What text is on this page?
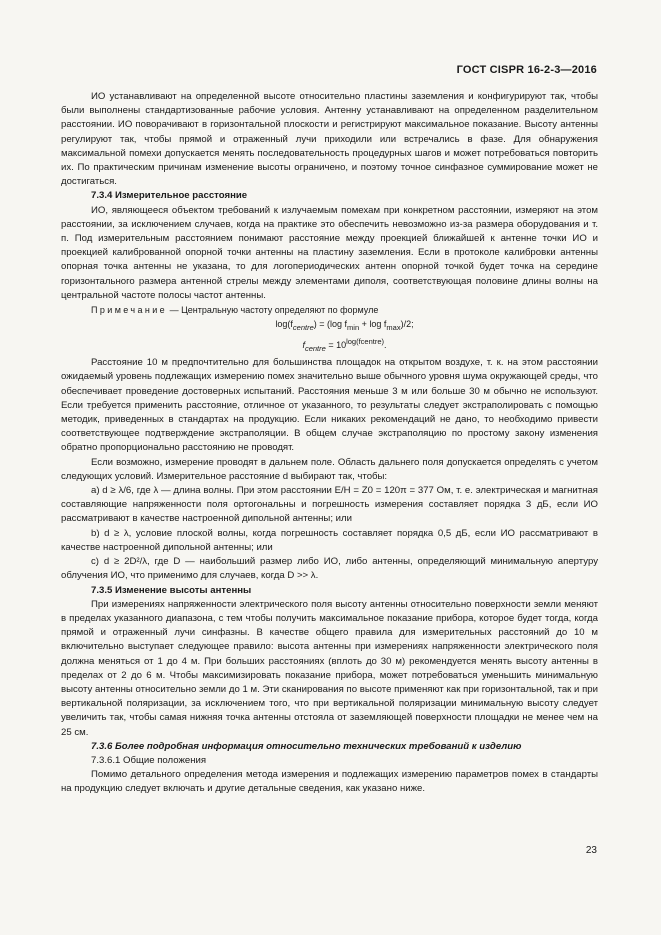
ГОСТ CISPR 16-2-3—2016

ИО устанавливают на определенной высоте относительно пластины заземления и конфигурируют так, чтобы были выполнены стандартизованные рабочие условия. Антенну устанавливают на определенном разделительном расстоянии. ИО поворачивают в горизонтальной плоскости и регистрируют максимальное показание. Высоту антенны регулируют так, чтобы прямой и отраженный лучи приходили или встречались в фазе. Для обнаружения максимальной помехи допускается менять последовательность процедурных шагов и может потребоваться повторить их. По практическим причинам изменение высоты ограничено, и поэтому точное синфазное суммирование может не достигаться.

7.3.4 Измерительное расстояние

ИО, являющееся объектом требований к излучаемым помехам при конкретном расстоянии, измеряют на этом расстоянии, за исключением случаев, когда на практике это обеспечить невозможно из-за размера оборудования и т. п. Под измерительным расстоянием понимают расстояние между проекцией ближайшей к антенне точки ИО и проекцией калиброванной опорной точки антенны на пластину заземления. Если в протоколе калибровки антенны опорная точка антенны не указана, то для логопериодических антенн опорной точкой будет точка на середине горизонтального размера антенной стрелы между элементами диполя, соответствующая половине длины волны на центральной частоте полосы частот антенны.

Примечание — Центральную частоту определяют по формуле

$\log(f_{centre}) = (\log$ $f_{min} + \log f_{max})/2$;

$f_{centre} = 10^{log(fcentre)}$.

Расстояние 10 м предпочтительно для большинства площадок на открытом воздухе, т. к. на этом расстоянии ожидаемый уровень подлежащих измерению помех значительно выше обычного уровня шума окружающей среды, что обеспечивает проведение достоверных испытаний. Расстояния меньше 3 м или больше 30 м обычно не используют. Если требуется применить расстояние, отличное от указанного, то результаты следует экстраполировать с помощью методик, приведенных в стандартах на продукцию. Если никаких рекомендаций не дано, то необходимо привести соответствующее подтверждение экстраполяции. В общем случае экстраполяцию по простому закону изменения обратно пропорционально расстоянию не проводят.

Если возможно, измерение проводят в дальнем поле. Область дальнего поля допускается определять с учетом следующих условий. Измерительное расстояние d выбирают так, чтобы:

a) d ≥ λ/6, где λ — длина волны. При этом расстоянии E/H = Z0 = 120π = 377 Ом, т. е. электрическая и магнитная составляющие напряженности поля ортогональны и погрешность измерения составляет порядка 3 дБ, если ИО рассматривают в качестве настроенной дипольной антенны; или

b) d ≥ λ, условие плоской волны, когда погрешность составляет порядка 0,5 дБ, если ИО рассматривают в качестве настроенной дипольной антенны; или

c) d ≥ 2D²/λ, где D — наибольший размер либо ИО, либо антенны, определяющий минимальную апертуру облучения ИО, что применимо для случаев, когда D >> λ.

7.3.5 Изменение высоты антенны

При измерениях напряженности электрического поля высоту антенны относительно поверхности земли меняют в пределах указанного диапазона, с тем чтобы получить максимальное показание прибора, которое будет тогда, когда прямой и отраженный лучи синфазны. В качестве общего правила для измерительных расстояний до 10 м включительно выступает следующее правило: высота антенны при измерениях напряженности электрического поля должна меняться от 1 до 4 м. При больших расстояниях (вплоть до 30 м) рекомендуется менять высоту антенны в пределах от 2 до 6 м. Чтобы максимизировать показание прибора, может потребоваться уменьшить минимальную высоту антенны относительно земли до 1 м. Эти сканирования по высоте применяют как при горизонтальной, так и при вертикальной поляризации, за исключением того, что при вертикальной поляризации минимальную высоту следует увеличить так, чтобы самая нижняя точка антенны отстояла от заземляющей поверхности площадки не менее чем на 25 см.

7.3.6 Более подробная информация относительно технических требований к изделию

7.3.6.1 Общие положения

Помимо детального определения метода измерения и подлежащих измерению параметров помех в стандарты на продукцию следует включать и другие детальные сведения, как указано ниже.

23
